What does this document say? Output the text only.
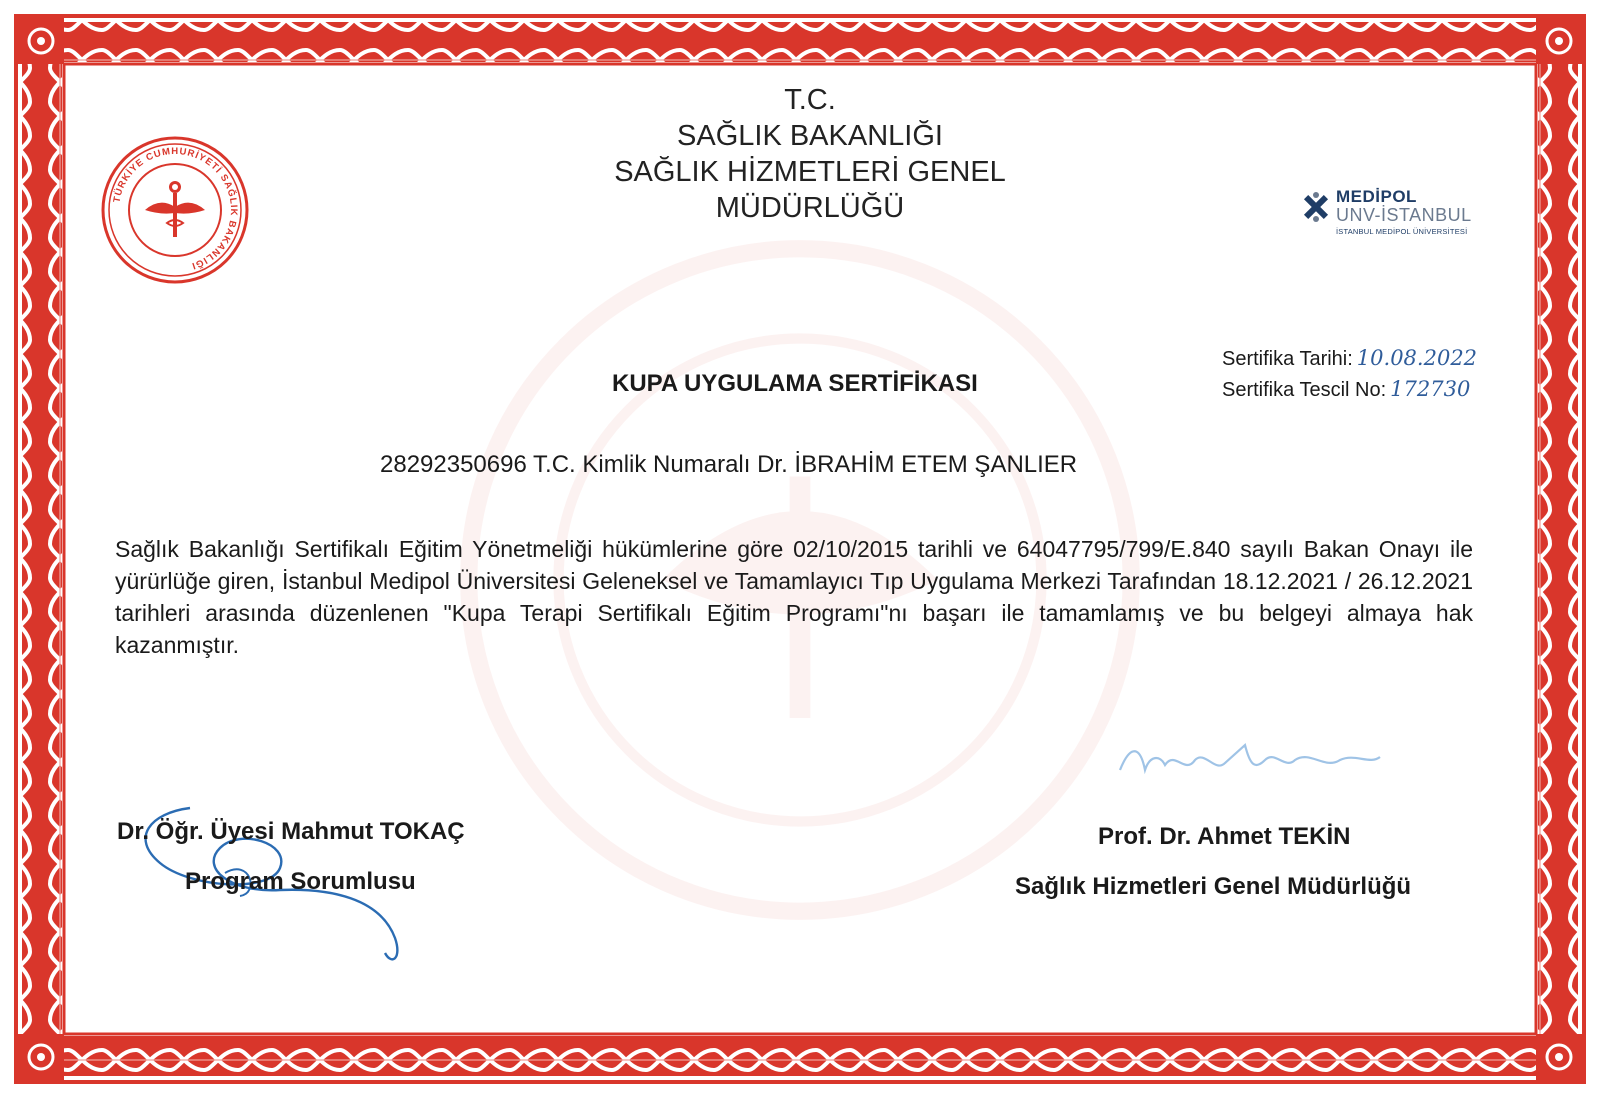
TÜRKİYE CUMHURİYETİ SAĞLIK BAKANLIĞI
T.C.
SAĞLIK BAKANLIĞI
SAĞLIK HİZMETLERİ GENEL
MÜDÜRLÜĞÜ	MEDİPOL
UNV-İSTANBUL
İSTANBUL MEDİPOL ÜNİVERSİTESİ
KUPA UYGULAMA SERTİFİKASI
Sertifika Tarihi: 10.08.2022
Sertifika Tescil No: 172730
28292350696 T.C. Kimlik Numaralı Dr. İBRAHİM ETEM ŞANLIER
Sağlık Bakanlığı Sertifikalı Eğitim Yönetmeliği hükümlerine göre 02/10/2015 tarihli ve 64047795/799/E.840 sayılı Bakan Onayı ile yürürlüğe giren, İstanbul Medipol Üniversitesi Geleneksel ve Tamamlayıcı Tıp Uygulama Merkezi Tarafından 18.12.2021 / 26.12.2021 tarihleri arasında düzenlenen "Kupa Terapi Sertifikalı Eğitim Programı"nı başarı ile tamamlamış ve bu belgeyi almaya hak kazanmıştır.
Dr. Öğr. Üyesi Mahmut TOKAÇ
Program Sorumlusu
Prof. Dr. Ahmet TEKİN
Sağlık Hizmetleri Genel Müdürlüğü
